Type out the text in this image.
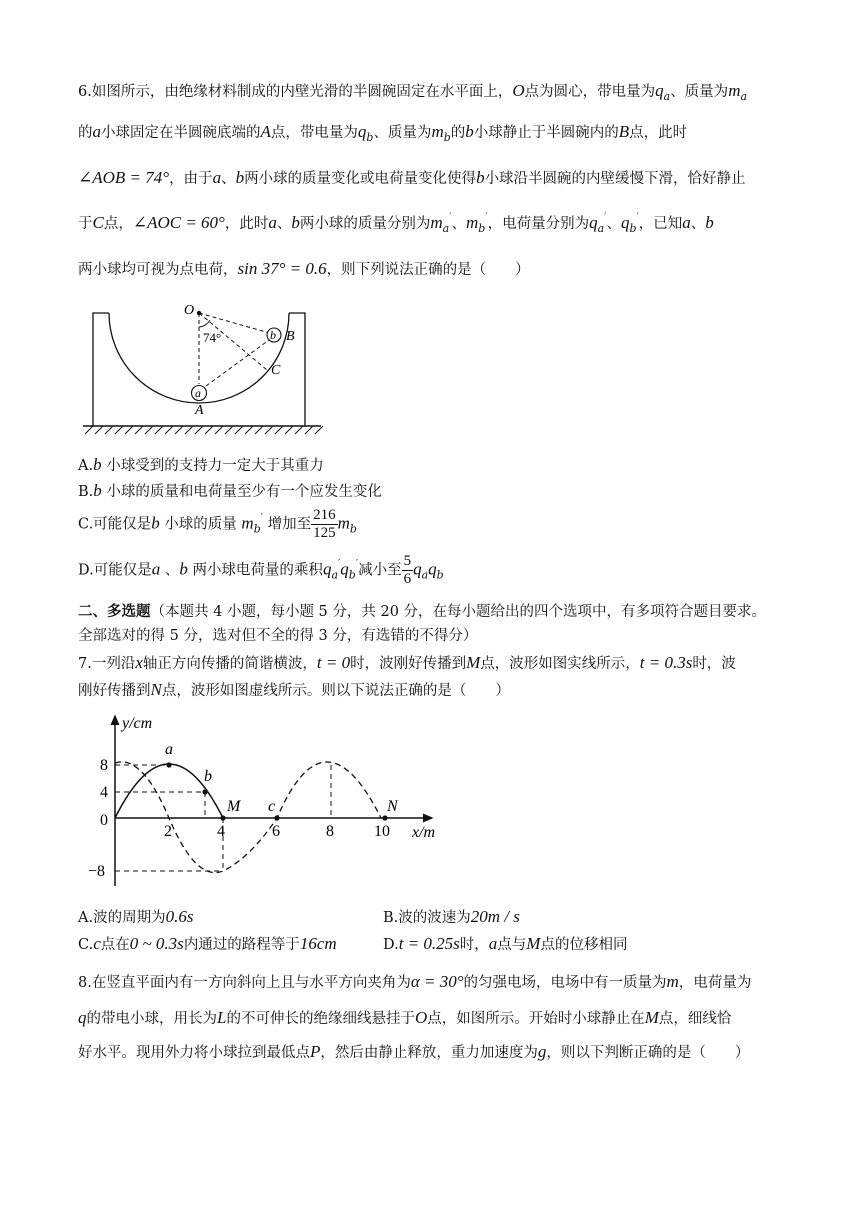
6.如图所示，由绝缘材料制成的内壁光滑的半圆碗固定在水平面上，O点为圆心，带电量为$q_a$、质量为$m_a$
的a小球固定在半圆碗底端的A点，带电量为$q_b$、质量为$m_b$的b小球静止于半圆碗内的B点，此时
∠AOB = 74°，由于a、b两小球的质量变化或电荷量变化使得b小球沿半圆碗的内壁缓慢下滑，恰好静止
于C点，∠AOC = 60°，此时a、b两小球的质量分别为$m_a'$、$m_b'$，电荷量分别为$q_a'$、$q_b'$，已知a、b
两小球均可视为点电荷，sin 37° = 0.6，则下列说法正确的是（　　）
O
74°	B
C
A
a
b
A.b 小球受到的支持力一定大于其重力
B.b 小球的质量和电荷量至少有一个应发生变化
C.可能仅是b 小球的质量 $m_b'$ 增加至 $\frac{216}{125} m_b$
D.可能仅是a 、b 两小球电荷量的乘积$q_a'q_b'$减小至 $\frac{5}{6} q_aq_b$
二、多选题（本题共 4 小题，每小题 5 分，共 20 分，在每小题给出的四个选项中，有多项符合题目要求。
全部选对的得 5 分，选对但不全的得 3 分，有选错的不得分）
7.一列沿x轴正方向传播的简谐横波，t = 0时，波刚好传播到M点，波形如图实线所示，t = 0.3s时，波
刚好传播到N点，波形如图虚线所示。则以下说法正确的是（　　）
y/cm
x/m
8
4
0
−8
2	4	6	8	10
a
b
M c	N
A.波的周期为0.6s	B.波的波速为20m / s
C.c点在0 ~ 0.3s内通过的路程等于16cm	D.t = 0.25s时，a点与M点的位移相同
8.在竖直平面内有一方向斜向上且与水平方向夹角为α = 30°的匀强电场，电场中有一质量为m，电荷量为
q的带电小球，用长为L的不可伸长的绝缘细线悬挂于O点，如图所示。开始时小球静止在M点，细线恰
好水平。现用外力将小球拉到最低点P，然后由静止释放，重力加速度为g，则以下判断正确的是（　　）
